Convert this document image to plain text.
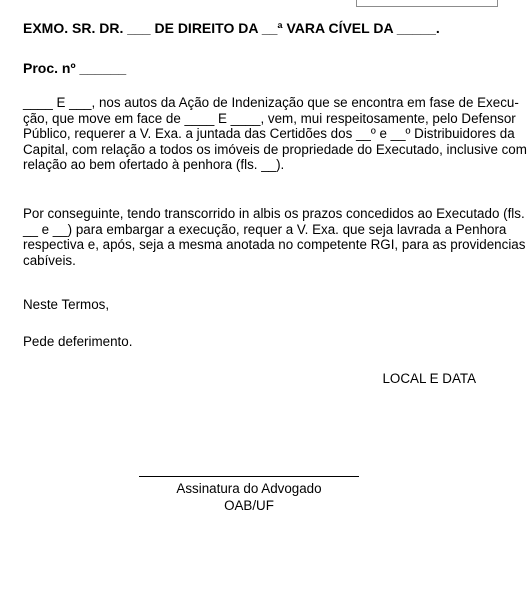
EXMO. SR. DR. ___ DE DIREITO DA __ª VARA CÍVEL DA _____.
Proc. nº ______
____ E ___, nos autos da Ação de Indenização que se encontra em fase de Execu-
ção, que move em face de ____ E ____, vem, mui respeitosamente, pelo Defensor
Público, requerer a V. Exa. a juntada das Certidões dos __º e __º Distribuidores da
Capital, com relação a todos os imóveis de propriedade do Executado, inclusive com
relação ao bem ofertado à penhora (fls. __).
Por conseguinte, tendo transcorrido in albis os prazos concedidos ao Executado (fls.
__ e __) para embargar a execução, requer a V. Exa. que seja lavrada a Penhora
respectiva e, após, seja a mesma anotada no competente RGI, para as providencias
cabíveis.
Neste Termos,
Pede deferimento.
LOCAL E DATA
Assinatura do Advogado
OAB/UF
